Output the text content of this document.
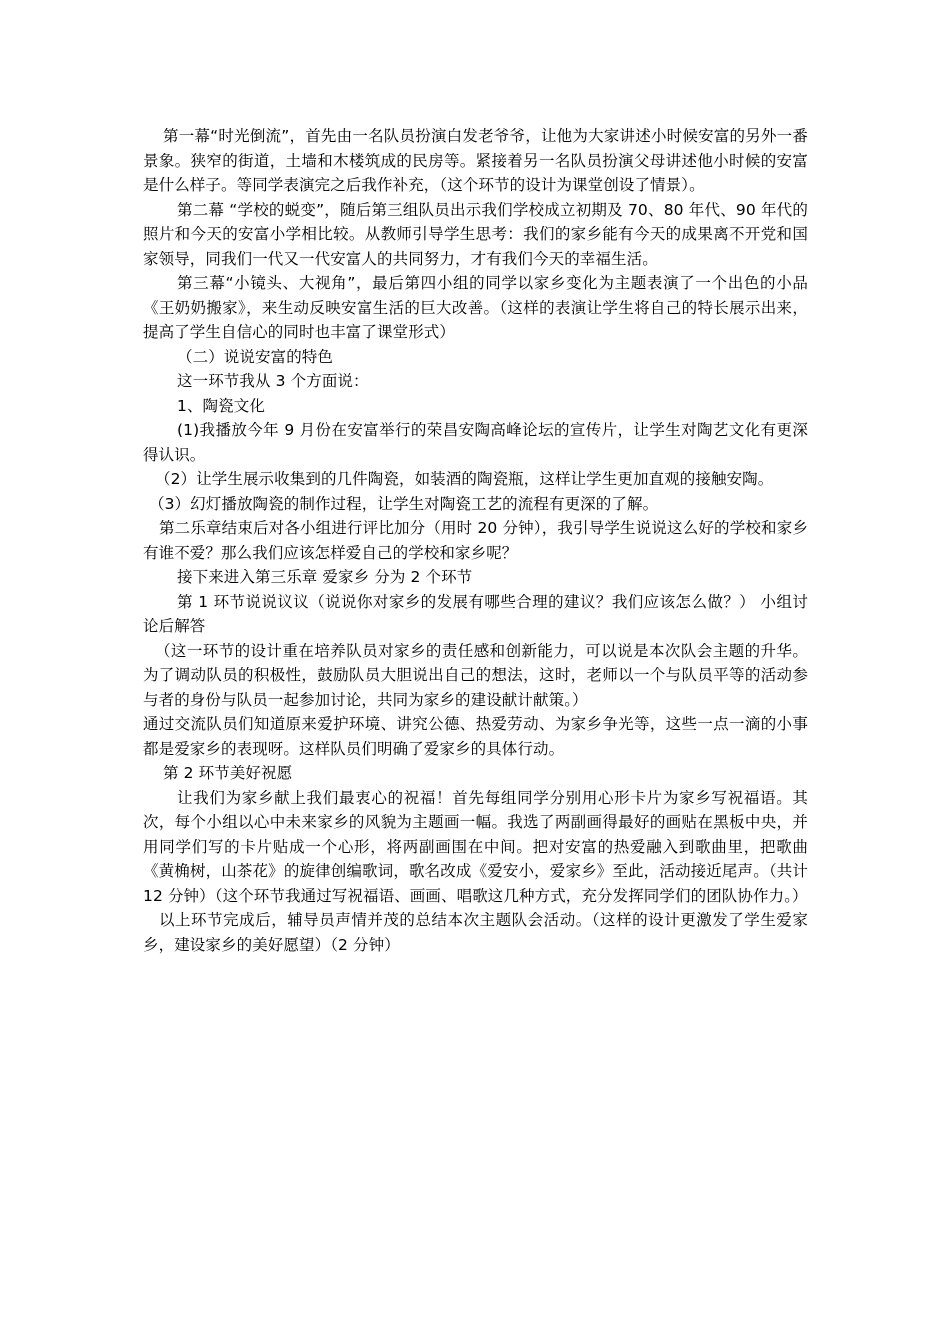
第一幕“时光倒流”，首先由一名队员扮演白发老爷爷，让他为大家讲述小时候安富的另外一番景象。狭窄的街道，土墙和木楼筑成的民房等。紧接着另一名队员扮演父母讲述他小时候的安富是什么样子。等同学表演完之后我作补充，（这个环节的设计为课堂创设了情景）。

第二幕 “学校的蜕变”，随后第三组队员出示我们学校成立初期及 70、80 年代、90 年代的照片和今天的安富小学相比较。从教师引导学生思考：我们的家乡能有今天的成果离不开党和国家领导，同我们一代又一代安富人的共同努力，才有我们今天的幸福生活。

第三幕“小镜头、大视角”，最后第四小组的同学以家乡变化为主题表演了一个出色的小品《王奶奶搬家》，来生动反映安富生活的巨大改善。（这样的表演让学生将自己的特长展示出来，提高了学生自信心的同时也丰富了课堂形式）

（二）说说安富的特色

这一环节我从 3 个方面说：

1、陶瓷文化

(1)我播放今年 9 月份在安富举行的荣昌安陶高峰论坛的宣传片，让学生对陶艺文化有更深得认识。

（2）让学生展示收集到的几件陶瓷，如装酒的陶瓷瓶，这样让学生更加直观的接触安陶。

（3）幻灯播放陶瓷的制作过程，让学生对陶瓷工艺的流程有更深的了解。

第二乐章结束后对各小组进行评比加分（用时 20 分钟），我引导学生说说这么好的学校和家乡有谁不爱？那么我们应该怎样爱自己的学校和家乡呢？

接下来进入第三乐章 爱家乡 分为 2 个环节

第 1 环节说说议议（说说你对家乡的发展有哪些合理的建议？我们应该怎么做？） 小组讨论后解答

（这一环节的设计重在培养队员对家乡的责任感和创新能力，可以说是本次队会主题的升华。为了调动队员的积极性，鼓励队员大胆说出自己的想法，这时，老师以一个与队员平等的活动参与者的身份与队员一起参加讨论，共同为家乡的建设献计献策。）

通过交流队员们知道原来爱护环境、讲究公德、热爱劳动、为家乡争光等，这些一点一滴的小事都是爱家乡的表现呀。这样队员们明确了爱家乡的具体行动。

第 2 环节美好祝愿

让我们为家乡献上我们最衷心的祝福！首先每组同学分别用心形卡片为家乡写祝福语。其次，每个小组以心中未来家乡的风貌为主题画一幅。我选了两副画得最好的画贴在黑板中央，并用同学们写的卡片贴成一个心形，将两副画围在中间。把对安富的热爱融入到歌曲里，把歌曲《黄桷树，山茶花》的旋律创编歌词，歌名改成《爱安小，爱家乡》至此，活动接近尾声。（共计 12 分钟）（这个环节我通过写祝福语、画画、唱歌这几种方式，充分发挥同学们的团队协作力。）

以上环节完成后，辅导员声情并茂的总结本次主题队会活动。（这样的设计更激发了学生爱家乡，建设家乡的美好愿望）（2 分钟）
